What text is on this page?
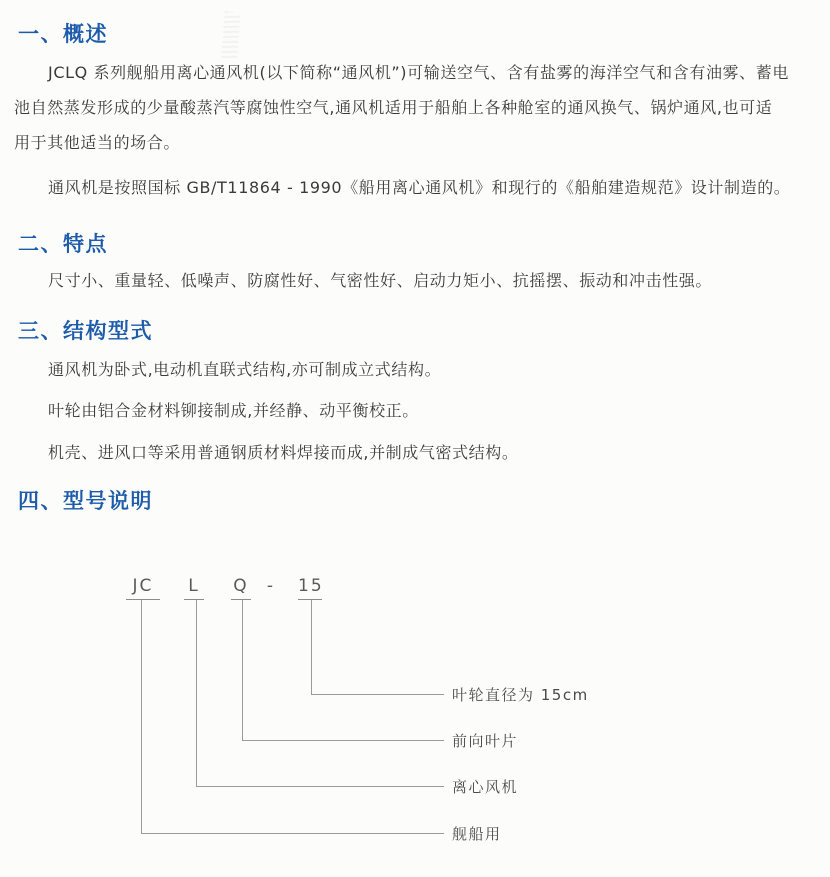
一、概述
JCLQ 系列舰船用离心通风机(以下简称“通风机”)可输送空气、含有盐雾的海洋空气和含有油雾、蓄电
池自然蒸发形成的少量酸蒸汽等腐蚀性空气,通风机适用于船舶上各种舱室的通风换气、锅炉通风,也可适
用于其他适当的场合。
通风机是按照国标 GB/T11864 - 1990《船用离心通风机》和现行的《船舶建造规范》设计制造的。
二、特点
尺寸小、重量轻、低噪声、防腐性好、气密性好、启动力矩小、抗摇摆、振动和冲击性强。
三、结构型式
通风机为卧式,电动机直联式结构,亦可制成立式结构。
叶轮由铝合金材料铆接制成,并经静、动平衡校正。
机壳、进风口等采用普通钢质材料焊接而成,并制成气密式结构。
四、型号说明
JC	L Q - 15
叶轮直径为 15cm
前向叶片
离心风机
舰船用
